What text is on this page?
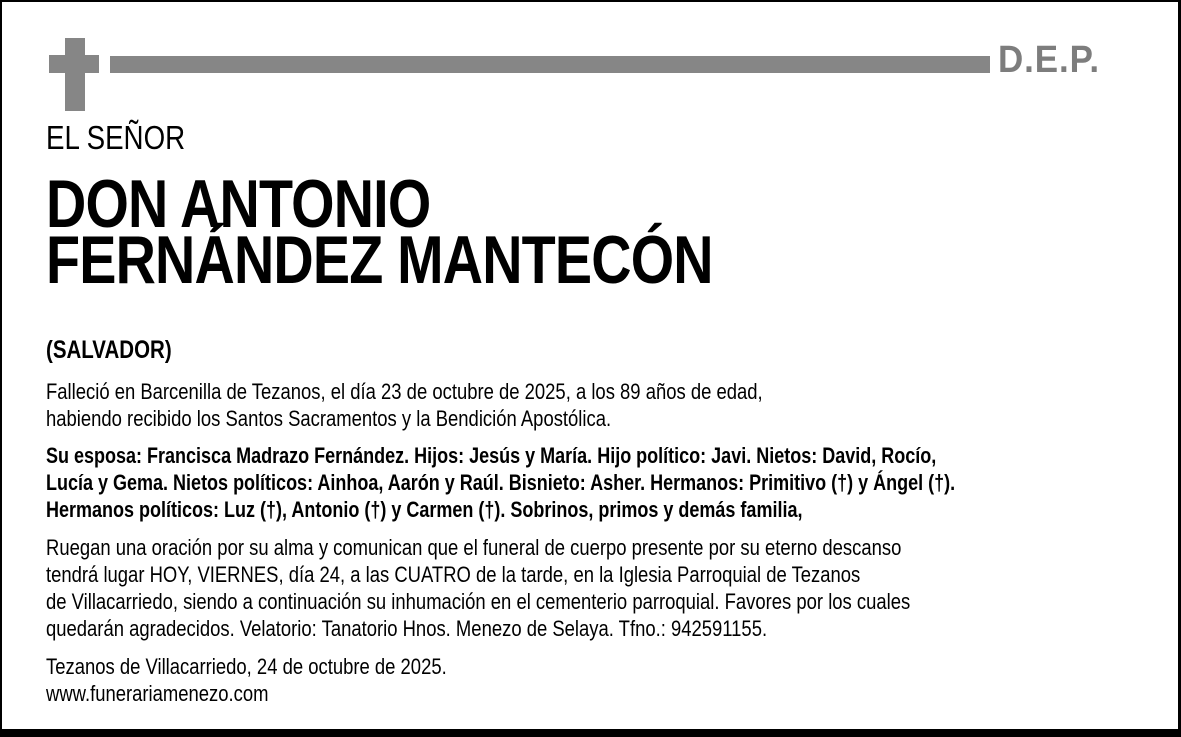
D.E.P.
EL SEÑOR
DON ANTONIO
FERNÁNDEZ MANTECÓN
(SALVADOR)
Falleció en Barcenilla de Tezanos, el día 23 de octubre de 2025, a los 89 años de edad,
habiendo recibido los Santos Sacramentos y la Bendición Apostólica.
Su esposa: Francisca Madrazo Fernández. Hijos: Jesús y María. Hijo político: Javi. Nietos: David, Rocío,
Lucía y Gema. Nietos políticos: Ainhoa, Aarón y Raúl. Bisnieto: Asher. Hermanos: Primitivo (†) y Ángel (†).
Hermanos políticos: Luz (†), Antonio (†) y Carmen (†). Sobrinos, primos y demás familia,
Ruegan una oración por su alma y comunican que el funeral de cuerpo presente por su eterno descanso
tendrá lugar HOY, VIERNES, día 24, a las CUATRO de la tarde, en la Iglesia Parroquial de Tezanos
de Villacarriedo, siendo a continuación su inhumación en el cementerio parroquial. Favores por los cuales
quedarán agradecidos. Velatorio: Tanatorio Hnos. Menezo de Selaya. Tfno.: 942591155.
Tezanos de Villacarriedo, 24 de octubre de 2025.
www.funerariamenezo.com
